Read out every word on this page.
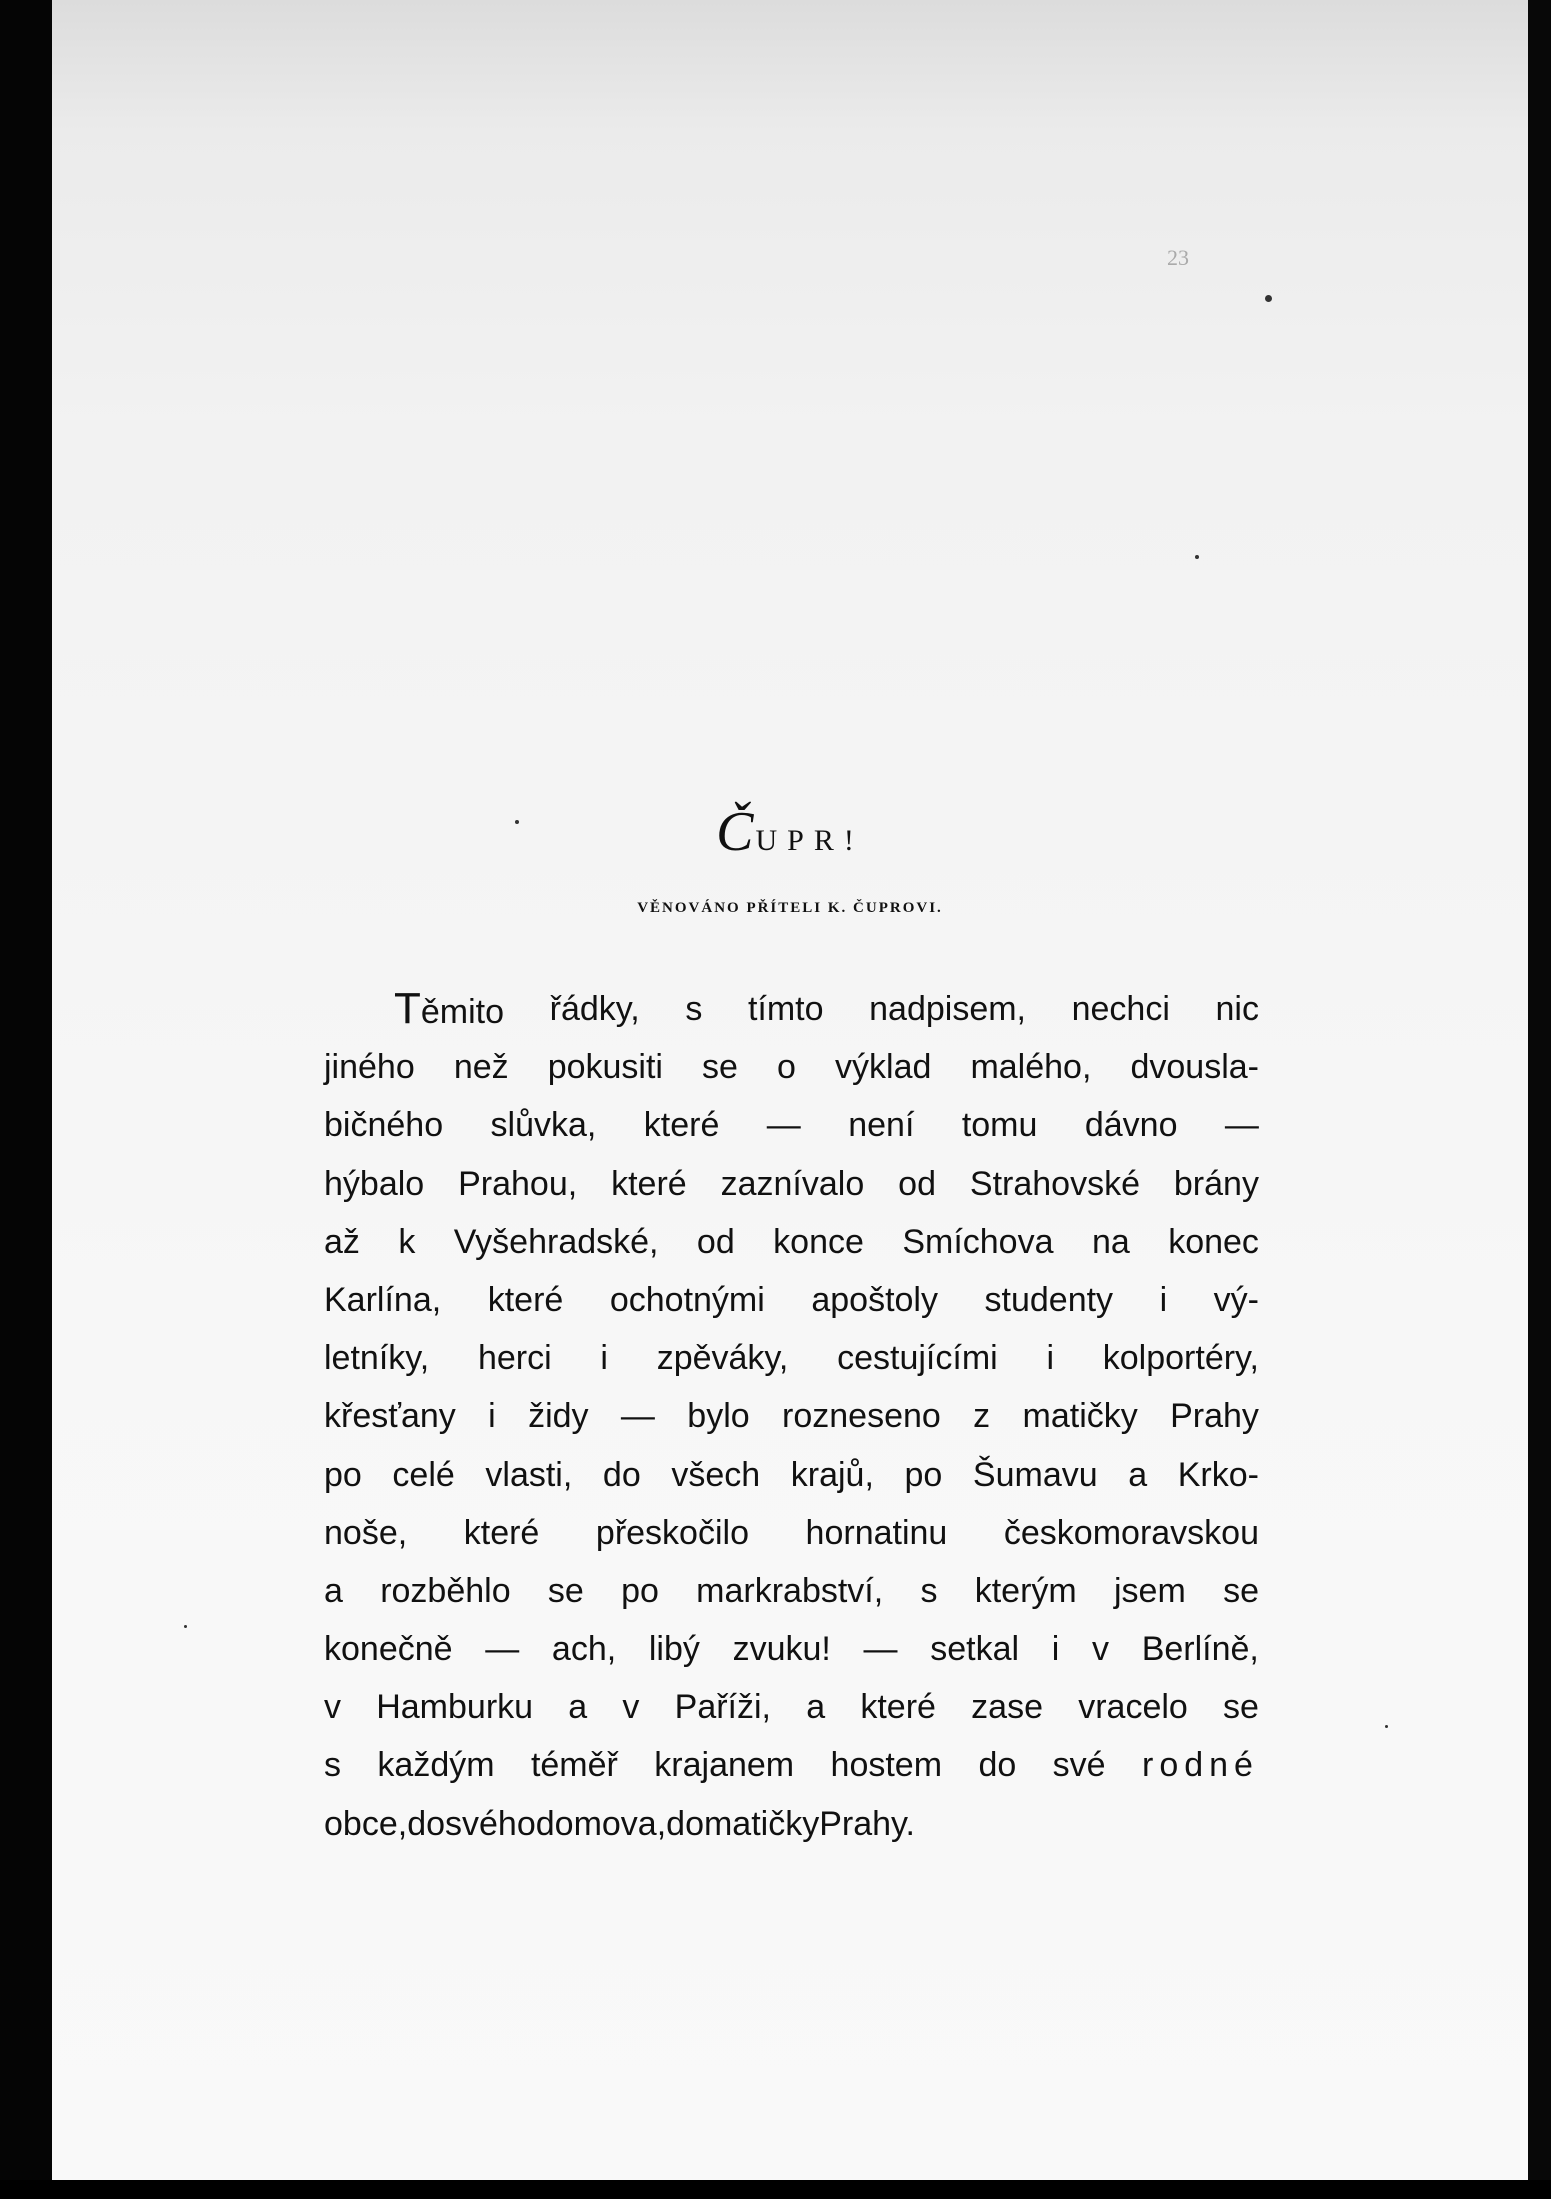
23
ČUPR!
VĚNOVÁNO PŘÍTELI K. ČUPROVI.
Těmito řádky, s tímto nadpisem, nechci nic
jiného než pokusiti se o výklad malého, dvousla-
bičného slůvka, které — není tomu dávno —
hýbalo Prahou, které zaznívalo od Strahovské brány
až k Vyšehradské, od konce Smíchova na konec
Karlína, které ochotnými apoštoly studenty i vý-
letníky, herci i zpěváky, cestujícími i kolportéry,
křesťany i židy — bylo rozneseno z matičky Prahy
po celé vlasti, do všech krajů, po Šumavu a Krko-
noše, které přeskočilo hornatinu českomoravskou
a rozběhlo se po markrabství, s kterým jsem se
konečně — ach, libý zvuku! — setkal i v Berlíně,
v Hamburku a v Paříži, a které zase vracelo se
s každým téměř krajanem hostem do své rodné
obce, do svého domova, do matičky Prahy.
